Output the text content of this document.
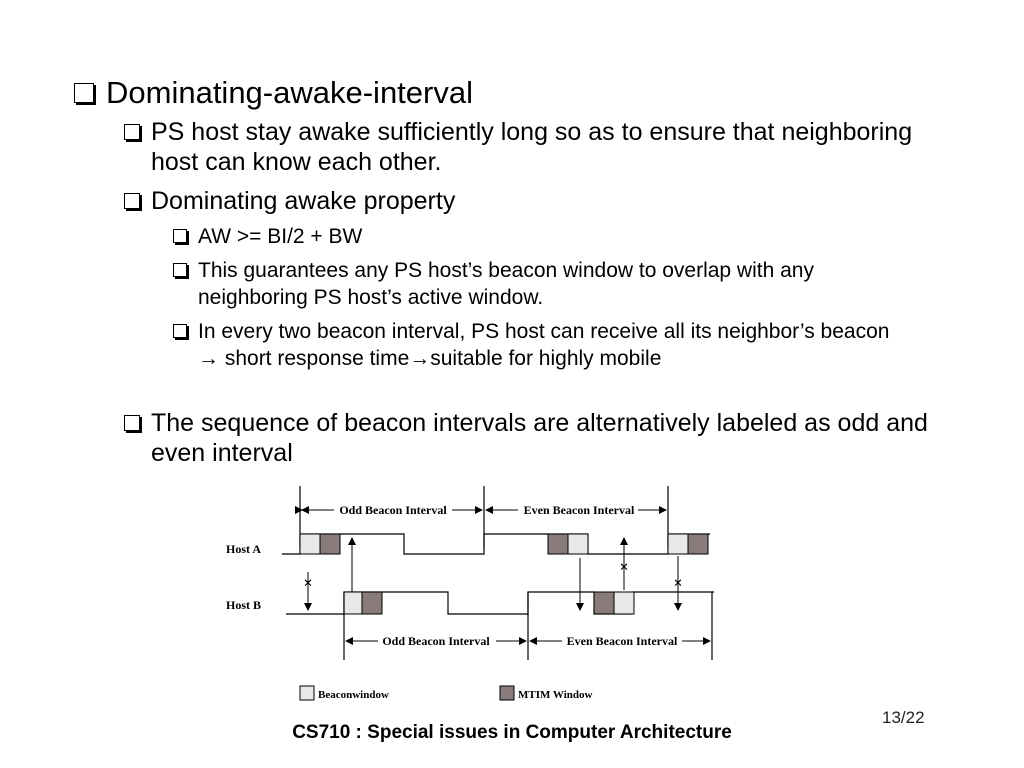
Dominating-awake-interval
PS host stay awake sufficiently long so as to ensure that neighboring host can know each other.
Dominating awake property
AW >= BI/2 + BW
This guarantees any PS host’s beacon window to overlap with any neighboring PS host’s active window.
In every two beacon interval, PS host can receive all its neighbor’s beacon → short response time→suitable for highly mobile
The sequence of beacon intervals are alternatively labeled as odd and even interval
Odd Beacon Interval	Even Beacon Interval
Host A
Host B
×
×
×
Odd Beacon Interval	Even Beacon Interval
Beaconwindow	MTIM Window
13/22
CS710 : Special issues in Computer Architecture
